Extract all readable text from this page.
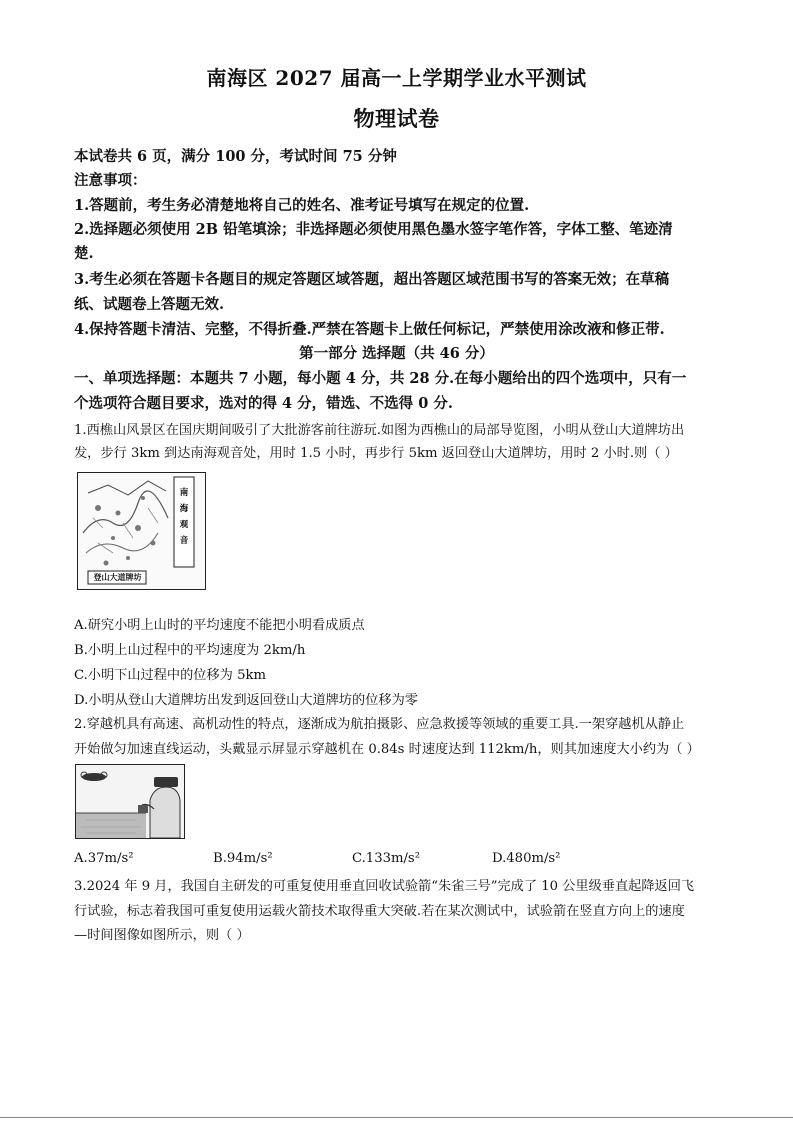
南海区 2027 届高一上学期学业水平测试
物理试卷
本试卷共 6 页，满分 100 分，考试时间 75 分钟
注意事项：
1.答题前，考生务必清楚地将自己的姓名、准考证号填写在规定的位置.
2.选择题必须使用 2B 铅笔填涂；非选择题必须使用黑色墨水签字笔作答，字体工整、笔迹清
楚.
3.考生必须在答题卡各题目的规定答题区域答题，超出答题区域范围书写的答案无效；在草稿
纸、试题卷上答题无效.
4.保持答题卡清洁、完整，不得折叠.严禁在答题卡上做任何标记，严禁使用涂改液和修正带.
第一部分 选择题（共 46 分）
一、单项选择题：本题共 7 小题，每小题 4 分，共 28 分.在每小题给出的四个选项中，只有一
个选项符合题目要求，选对的得 4 分，错选、不选得 0 分.
1.西樵山风景区在国庆期间吸引了大批游客前往游玩.如图为西樵山的局部导览图，小明从登山大道牌坊出
发，步行 3km 到达南海观音处，用时 1.5 小时，再步行 5km 返回登山大道牌坊，用时 2 小时.则（ ）
南
海
观
音
登山大道牌坊
A.研究小明上山时的平均速度不能把小明看成质点
B.小明上山过程中的平均速度为 2km/h
C.小明下山过程中的位移为 5km
D.小明从登山大道牌坊出发到返回登山大道牌坊的位移为零
2.穿越机具有高速、高机动性的特点，逐渐成为航拍摄影、应急救援等领域的重要工具.一架穿越机从静止
开始做匀加速直线运动，头戴显示屏显示穿越机在 0.84s 时速度达到 112km/h，则其加速度大小约为（ ）
A.37m/s²	B.94m/s²	C.133m/s²	D.480m/s²
3.2024 年 9 月，我国自主研发的可重复使用垂直回收试验箭“朱雀三号”完成了 10 公里级垂直起降返回飞
行试验，标志着我国可重复使用运载火箭技术取得重大突破.若在某次测试中，试验箭在竖直方向上的速度
—时间图像如图所示，则（ ）
